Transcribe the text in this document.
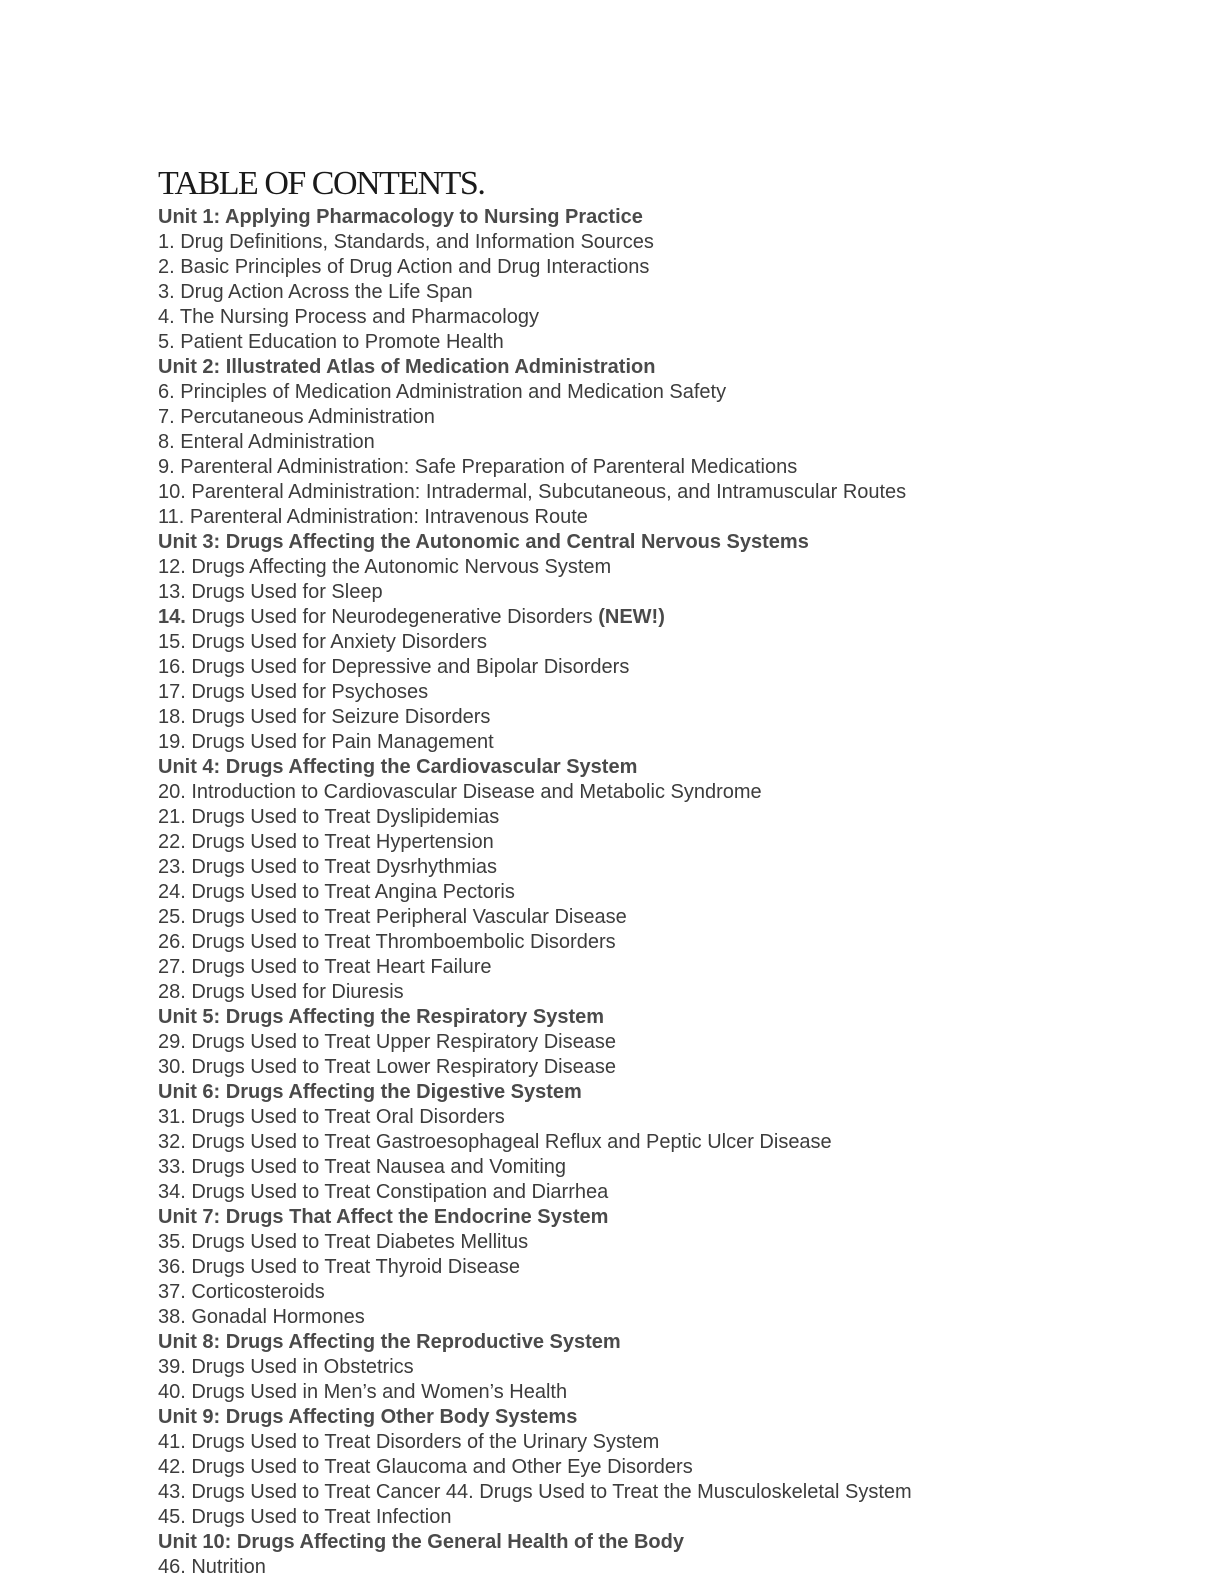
TABLE OF CONTENTS.
Unit 1: Applying Pharmacology to Nursing Practice
1. Drug Definitions, Standards, and Information Sources
2. Basic Principles of Drug Action and Drug Interactions
3. Drug Action Across the Life Span
4. The Nursing Process and Pharmacology
5. Patient Education to Promote Health
Unit 2: Illustrated Atlas of Medication Administration
6. Principles of Medication Administration and Medication Safety
7. Percutaneous Administration
8. Enteral Administration
9. Parenteral Administration: Safe Preparation of Parenteral Medications
10. Parenteral Administration: Intradermal, Subcutaneous, and Intramuscular Routes
11. Parenteral Administration: Intravenous Route
Unit 3: Drugs Affecting the Autonomic and Central Nervous Systems
12. Drugs Affecting the Autonomic Nervous System
13. Drugs Used for Sleep
14. Drugs Used for Neurodegenerative Disorders (NEW!)
15. Drugs Used for Anxiety Disorders
16. Drugs Used for Depressive and Bipolar Disorders
17. Drugs Used for Psychoses
18. Drugs Used for Seizure Disorders
19. Drugs Used for Pain Management
Unit 4: Drugs Affecting the Cardiovascular System
20. Introduction to Cardiovascular Disease and Metabolic Syndrome
21. Drugs Used to Treat Dyslipidemias
22. Drugs Used to Treat Hypertension
23. Drugs Used to Treat Dysrhythmias
24. Drugs Used to Treat Angina Pectoris
25. Drugs Used to Treat Peripheral Vascular Disease
26. Drugs Used to Treat Thromboembolic Disorders
27. Drugs Used to Treat Heart Failure
28. Drugs Used for Diuresis
Unit 5: Drugs Affecting the Respiratory System
29. Drugs Used to Treat Upper Respiratory Disease
30. Drugs Used to Treat Lower Respiratory Disease
Unit 6: Drugs Affecting the Digestive System
31. Drugs Used to Treat Oral Disorders
32. Drugs Used to Treat Gastroesophageal Reflux and Peptic Ulcer Disease
33. Drugs Used to Treat Nausea and Vomiting
34. Drugs Used to Treat Constipation and Diarrhea
Unit 7: Drugs That Affect the Endocrine System
35. Drugs Used to Treat Diabetes Mellitus
36. Drugs Used to Treat Thyroid Disease
37. Corticosteroids
38. Gonadal Hormones
Unit 8: Drugs Affecting the Reproductive System
39. Drugs Used in Obstetrics
40. Drugs Used in Men’s and Women’s Health
Unit 9: Drugs Affecting Other Body Systems
41. Drugs Used to Treat Disorders of the Urinary System
42. Drugs Used to Treat Glaucoma and Other Eye Disorders
43. Drugs Used to Treat Cancer 44. Drugs Used to Treat the Musculoskeletal System
45. Drugs Used to Treat Infection
Unit 10: Drugs Affecting the General Health of the Body
46. Nutrition
